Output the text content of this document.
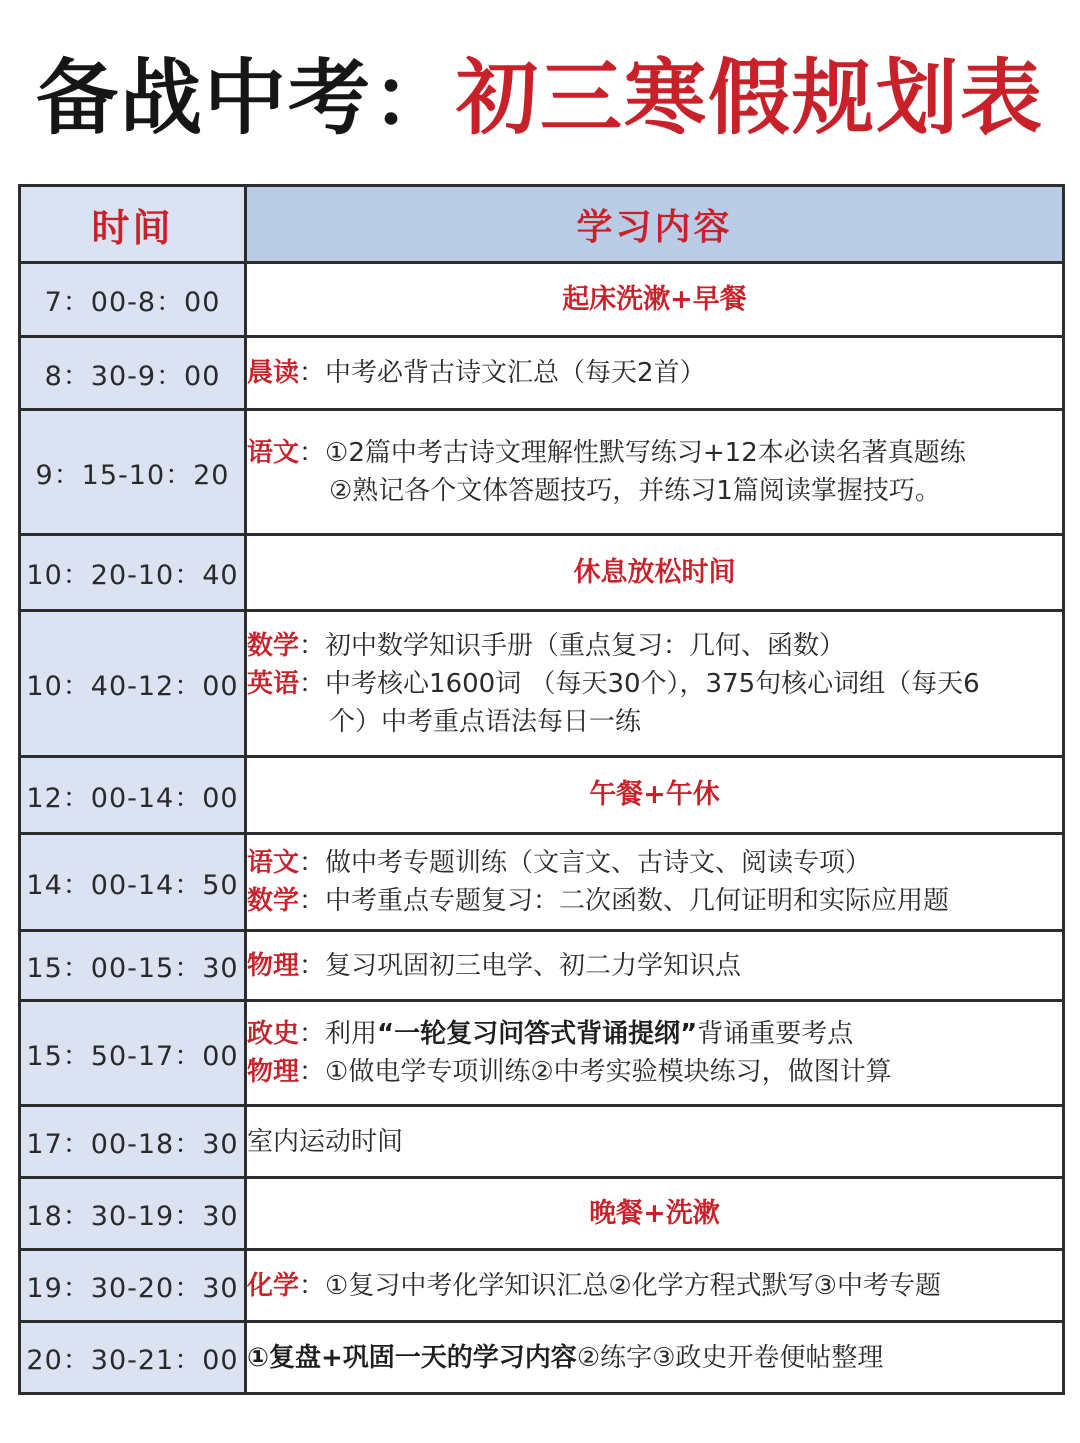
备战中考：初三寒假规划表
时间	学习内容
7：00-8：00	起床洗漱+早餐
8：30-9：00	晨读：中考必背古诗文汇总（每天2首）

9：15-10：20	语文：①2篇中考古诗文理解性默写练习+12本必读名著真题练
②熟记各个文体答题技巧，并练习1篇阅读掌握技巧。

10：20-10：40	休息放松时间
10：40-12：00	数学：初中数学知识手册（重点复习：几何、函数）
英语：中考核心1600词 （每天30个），375句核心词组（每天6
个）中考重点语法每日一练

12：00-14：00	午餐+午休
14：00-14：50	语文：做中考专题训练（文言文、古诗文、阅读专项）
数学：中考重点专题复习：二次函数、几何证明和实际应用题

15：00-15：30	物理：复习巩固初三电学、初二力学知识点

15：50-17：00	政史：利用“一轮复习问答式背诵提纲”背诵重要考点
物理：①做电学专项训练②中考实验模块练习，做图计算

17：00-18：30	室内运动时间

18：30-19：30	晚餐+洗漱
19：30-20：30	化学：①复习中考化学知识汇总②化学方程式默写③中考专题

20：30-21：00	①复盘+巩固一天的学习内容②练字③政史开卷便帖整理
